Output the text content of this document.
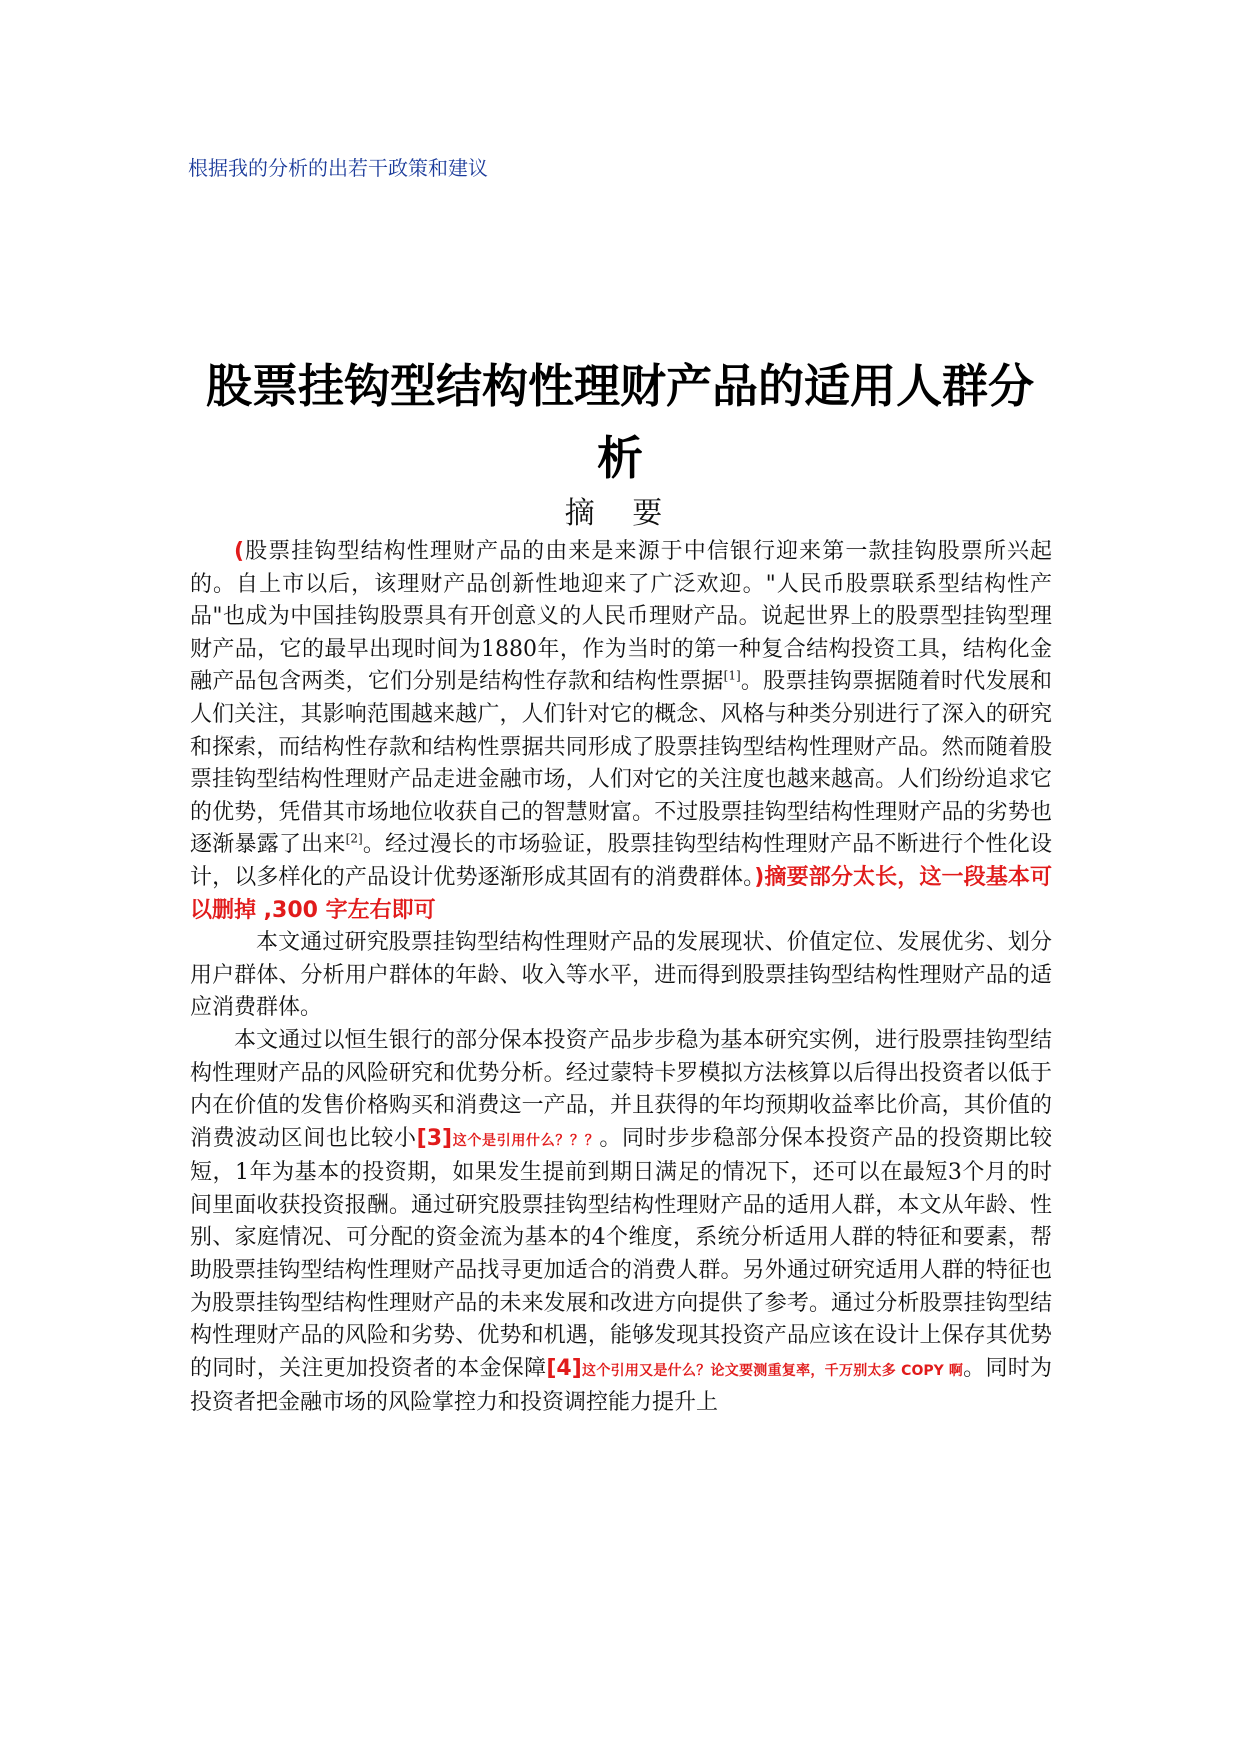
根据我的分析的出若干政策和建议
股票挂钩型结构性理财产品的适用人群分析
摘 要

(股票挂钩型结构性理财产品的由来是来源于中信银行迎来第一款挂钩股票所兴起的。自上市以后，该理财产品创新性地迎来了广泛欢迎。"人民币股票联系型结构性产品"也成为中国挂钩股票具有开创意义的人民币理财产品。说起世界上的股票型挂钩型理财产品，它的最早出现时间为1880年，作为当时的第一种复合结构投资工具，结构化金融产品包含两类，它们分别是结构性存款和结构性票据[1]。股票挂钩票据随着时代发展和人们关注，其影响范围越来越广，人们针对它的概念、风格与种类分别进行了深入的研究和探索，而结构性存款和结构性票据共同形成了股票挂钩型结构性理财产品。然而随着股票挂钩型结构性理财产品走进金融市场，人们对它的关注度也越来越高。人们纷纷追求它的优势，凭借其市场地位收获自己的智慧财富。不过股票挂钩型结构性理财产品的劣势也逐渐暴露了出来[2]。经过漫长的市场验证，股票挂钩型结构性理财产品不断进行个性化设计，以多样化的产品设计优势逐渐形成其固有的消费群体。)摘要部分太长，这一段基本可以删掉 ,300 字左右即可

本文通过研究股票挂钩型结构性理财产品的发展现状、价值定位、发展优劣、划分用户群体、分析用户群体的年龄、收入等水平，进而得到股票挂钩型结构性理财产品的适应消费群体。

本文通过以恒生银行的部分保本投资产品步步稳为基本研究实例，进行股票挂钩型结构性理财产品的风险研究和优势分析。经过蒙特卡罗模拟方法核算以后得出投资者以低于内在价值的发售价格购买和消费这一产品，并且获得的年均预期收益率比价高，其价值的消费波动区间也比较小[3]这个是引用什么？？？。同时步步稳部分保本投资产品的投资期比较短，1年为基本的投资期，如果发生提前到期日满足的情况下，还可以在最短3个月的时间里面收获投资报酬。通过研究股票挂钩型结构性理财产品的适用人群，本文从年龄、性别、家庭情况、可分配的资金流为基本的4个维度，系统分析适用人群的特征和要素，帮助股票挂钩型结构性理财产品找寻更加适合的消费人群。另外通过研究适用人群的特征也为股票挂钩型结构性理财产品的未来发展和改进方向提供了参考。通过分析股票挂钩型结构性理财产品的风险和劣势、优势和机遇，能够发现其投资产品应该在设计上保存其优势的同时，关注更加投资者的本金保障[4]这个引用又是什么？论文要测重复率，千万别太多 COPY 啊。同时为投资者把金融市场的风险掌控力和投资调控能力提升上
